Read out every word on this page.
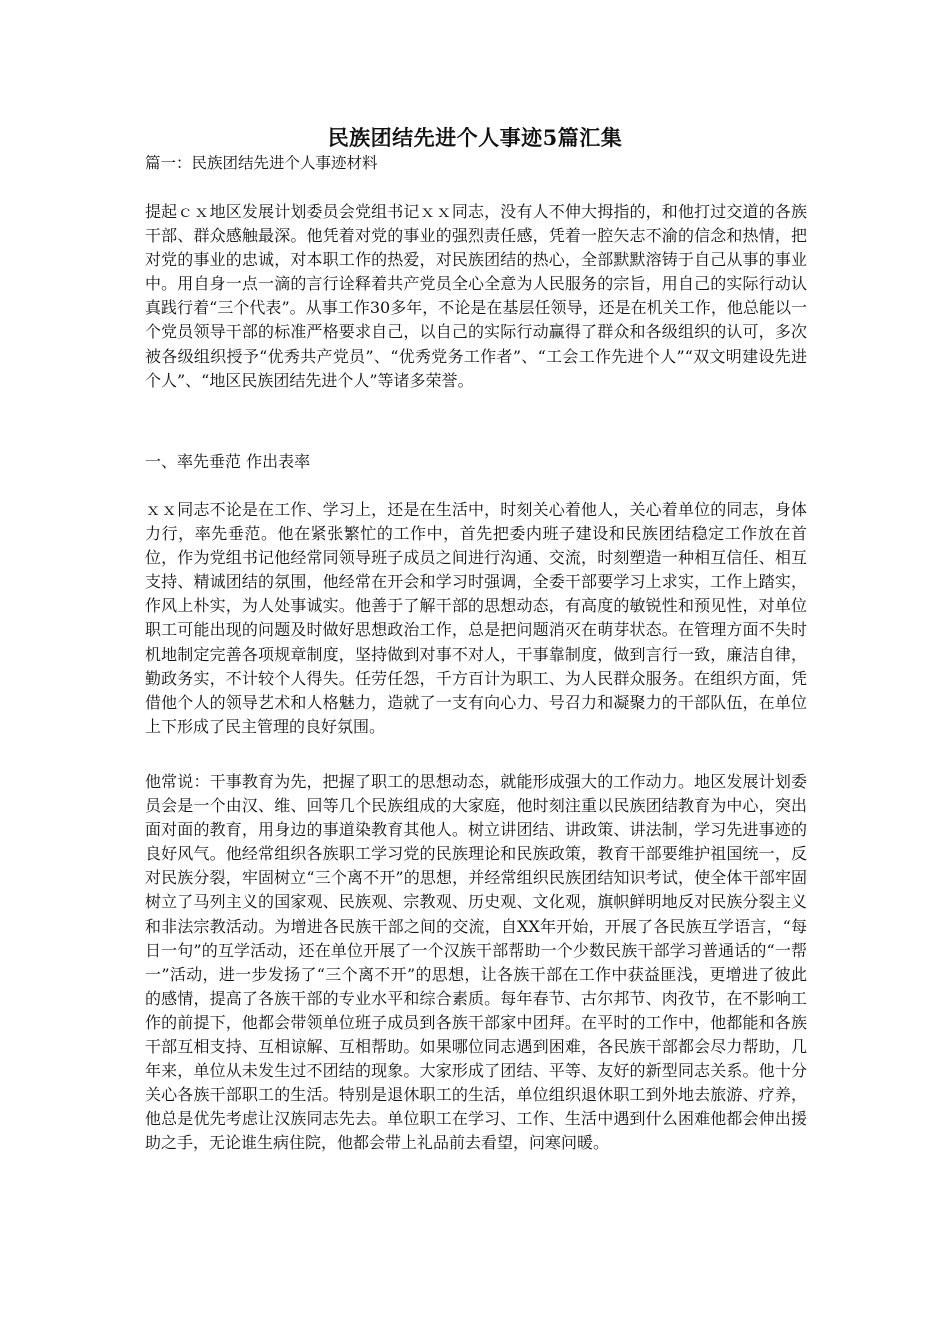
民族团结先进个人事迹5篇汇集
篇一：民族团结先进个人事迹材料

提起ｃｘ地区发展计划委员会党组书记ｘｘ同志，没有人不伸大拇指的，和他打过交道的各族干部、群众感触最深。他凭着对党的事业的强烈责任感，凭着一腔矢志不渝的信念和热情，把对党的事业的忠诚，对本职工作的热爱，对民族团结的热心，全部默默溶铸于自己从事的事业中。用自身一点一滴的言行诠释着共产党员全心全意为人民服务的宗旨，用自己的实际行动认真践行着“三个代表”。从事工作30多年，不论是在基层任领导，还是在机关工作，他总能以一个党员领导干部的标准严格要求自己，以自己的实际行动赢得了群众和各级组织的认可，多次被各级组织授予“优秀共产党员”、“优秀党务工作者”、“工会工作先进个人”“双文明建设先进个人”、“地区民族团结先进个人”等诸多荣誉。

一、率先垂范 作出表率

ｘｘ同志不论是在工作、学习上，还是在生活中，时刻关心着他人，关心着单位的同志，身体力行，率先垂范。他在紧张繁忙的工作中，首先把委内班子建设和民族团结稳定工作放在首位，作为党组书记他经常同领导班子成员之间进行沟通、交流，时刻塑造一种相互信任、相互支持、精诚团结的氛围，他经常在开会和学习时强调，全委干部要学习上求实，工作上踏实，作风上朴实，为人处事诚实。他善于了解干部的思想动态，有高度的敏锐性和预见性，对单位职工可能出现的问题及时做好思想政治工作，总是把问题消灭在萌芽状态。在管理方面不失时机地制定完善各项规章制度，坚持做到对事不对人，干事靠制度，做到言行一致，廉洁自律，勤政务实，不计较个人得失。任劳任怨，千方百计为职工、为人民群众服务。在组织方面，凭借他个人的领导艺术和人格魅力，造就了一支有向心力、号召力和凝聚力的干部队伍，在单位上下形成了民主管理的良好氛围。

他常说：干事教育为先，把握了职工的思想动态，就能形成强大的工作动力。地区发展计划委员会是一个由汉、维、回等几个民族组成的大家庭，他时刻注重以民族团结教育为中心，突出面对面的教育，用身边的事道染教育其他人。树立讲团结、讲政策、讲法制，学习先进事迹的良好风气。他经常组织各族职工学习党的民族理论和民族政策，教育干部要维护祖国统一，反对民族分裂，牢固树立“三个离不开”的思想，并经常组织民族团结知识考试，使全体干部牢固树立了马列主义的国家观、民族观、宗教观、历史观、文化观，旗帜鲜明地反对民族分裂主义和非法宗教活动。为增进各民族干部之间的交流，自XX年开始，开展了各民族互学语言，“每日一句”的互学活动，还在单位开展了一个汉族干部帮助一个少数民族干部学习普通话的“一帮一”活动，进一步发扬了“三个离不开”的思想，让各族干部在工作中获益匪浅，更增进了彼此的感情，提高了各族干部的专业水平和综合素质。每年春节、古尔邦节、肉孜节，在不影响工作的前提下，他都会带领单位班子成员到各族干部家中团拜。在平时的工作中，他都能和各族干部互相支持、互相谅解、互相帮助。如果哪位同志遇到困难，各民族干部都会尽力帮助，几年来，单位从未发生过不团结的现象。大家形成了团结、平等、友好的新型同志关系。他十分关心各族干部职工的生活。特别是退休职工的生活，单位组织退休职工到外地去旅游、疗养，他总是优先考虑让汉族同志先去。单位职工在学习、工作、生活中遇到什么困难他都会伸出援助之手，无论谁生病住院，他都会带上礼品前去看望，问寒问暖。
